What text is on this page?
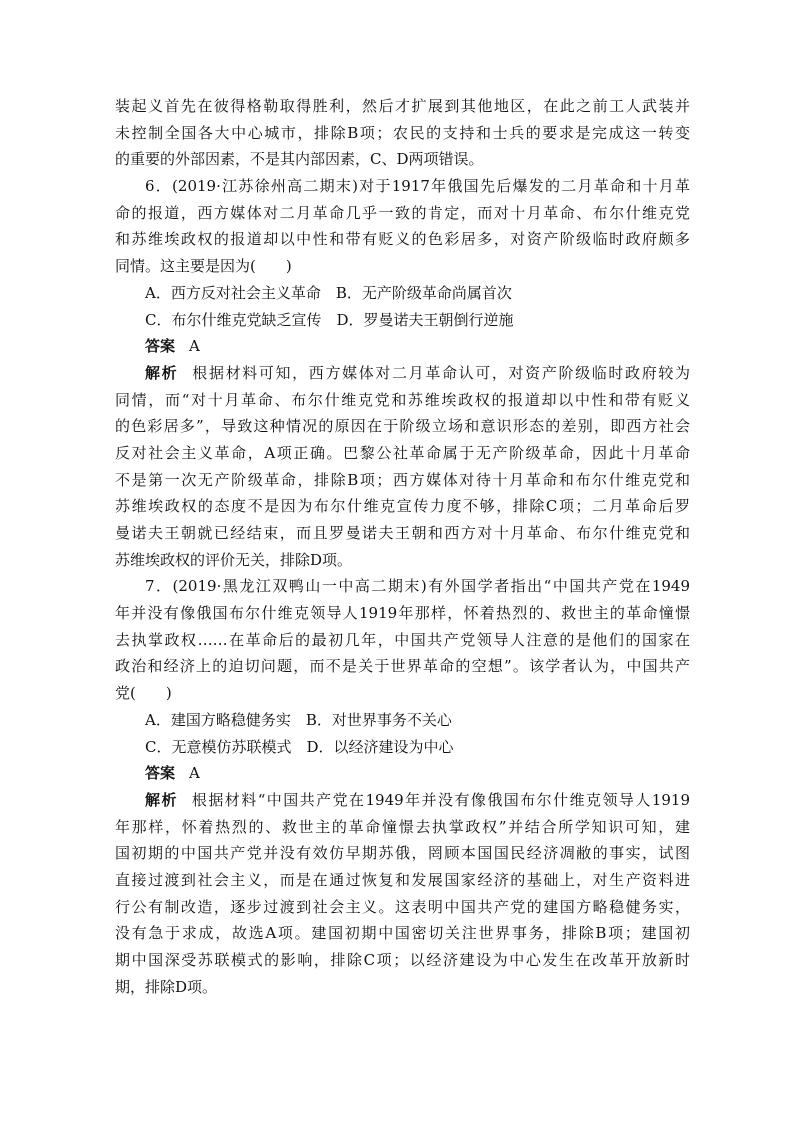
装起义首先在彼得格勒取得胜利，然后才扩展到其他地区，在此之前工人武装并
未控制全国各大中心城市，排除B项；农民的支持和士兵的要求是完成这一转变
的重要的外部因素，不是其内部因素，C、D两项错误。
6．(2019·江苏徐州高二期末)对于1917年俄国先后爆发的二月革命和十月革
命的报道，西方媒体对二月革命几乎一致的肯定，而对十月革命、布尔什维克党
和苏维埃政权的报道却以中性和带有贬义的色彩居多，对资产阶级临时政府颇多
同情。这主要是因为(　　)
A．西方反对社会主义革命　B．无产阶级革命尚属首次
C．布尔什维克党缺乏宣传　D．罗曼诺夫王朝倒行逆施
答案 A
解析 根据材料可知，西方媒体对二月革命认可，对资产阶级临时政府较为
同情，而“对十月革命、布尔什维克党和苏维埃政权的报道却以中性和带有贬义
的色彩居多”，导致这种情况的原因在于阶级立场和意识形态的差别，即西方社会
反对社会主义革命，A项正确。巴黎公社革命属于无产阶级革命，因此十月革命
不是第一次无产阶级革命，排除B项；西方媒体对待十月革命和布尔什维克党和
苏维埃政权的态度不是因为布尔什维克宣传力度不够，排除C项；二月革命后罗
曼诺夫王朝就已经结束，而且罗曼诺夫王朝和西方对十月革命、布尔什维克党和
苏维埃政权的评价无关，排除D项。
7．(2019·黑龙江双鸭山一中高二期末)有外国学者指出“中国共产党在1949
年并没有像俄国布尔什维克领导人1919年那样，怀着热烈的、救世主的革命憧憬
去执掌政权……在革命后的最初几年，中国共产党领导人注意的是他们的国家在
政治和经济上的迫切问题，而不是关于世界革命的空想”。该学者认为，中国共产
党(　　)
A．建国方略稳健务实　B．对世界事务不关心
C．无意模仿苏联模式　D．以经济建设为中心
答案 A
解析 根据材料“中国共产党在1949年并没有像俄国布尔什维克领导人1919
年那样，怀着热烈的、救世主的革命憧憬去执掌政权”并结合所学知识可知，建
国初期的中国共产党并没有效仿早期苏俄，罔顾本国国民经济凋敝的事实，试图
直接过渡到社会主义，而是在通过恢复和发展国家经济的基础上，对生产资料进
行公有制改造，逐步过渡到社会主义。这表明中国共产党的建国方略稳健务实，
没有急于求成，故选A项。建国初期中国密切关注世界事务，排除B项；建国初
期中国深受苏联模式的影响，排除C项；以经济建设为中心发生在改革开放新时
期，排除D项。
